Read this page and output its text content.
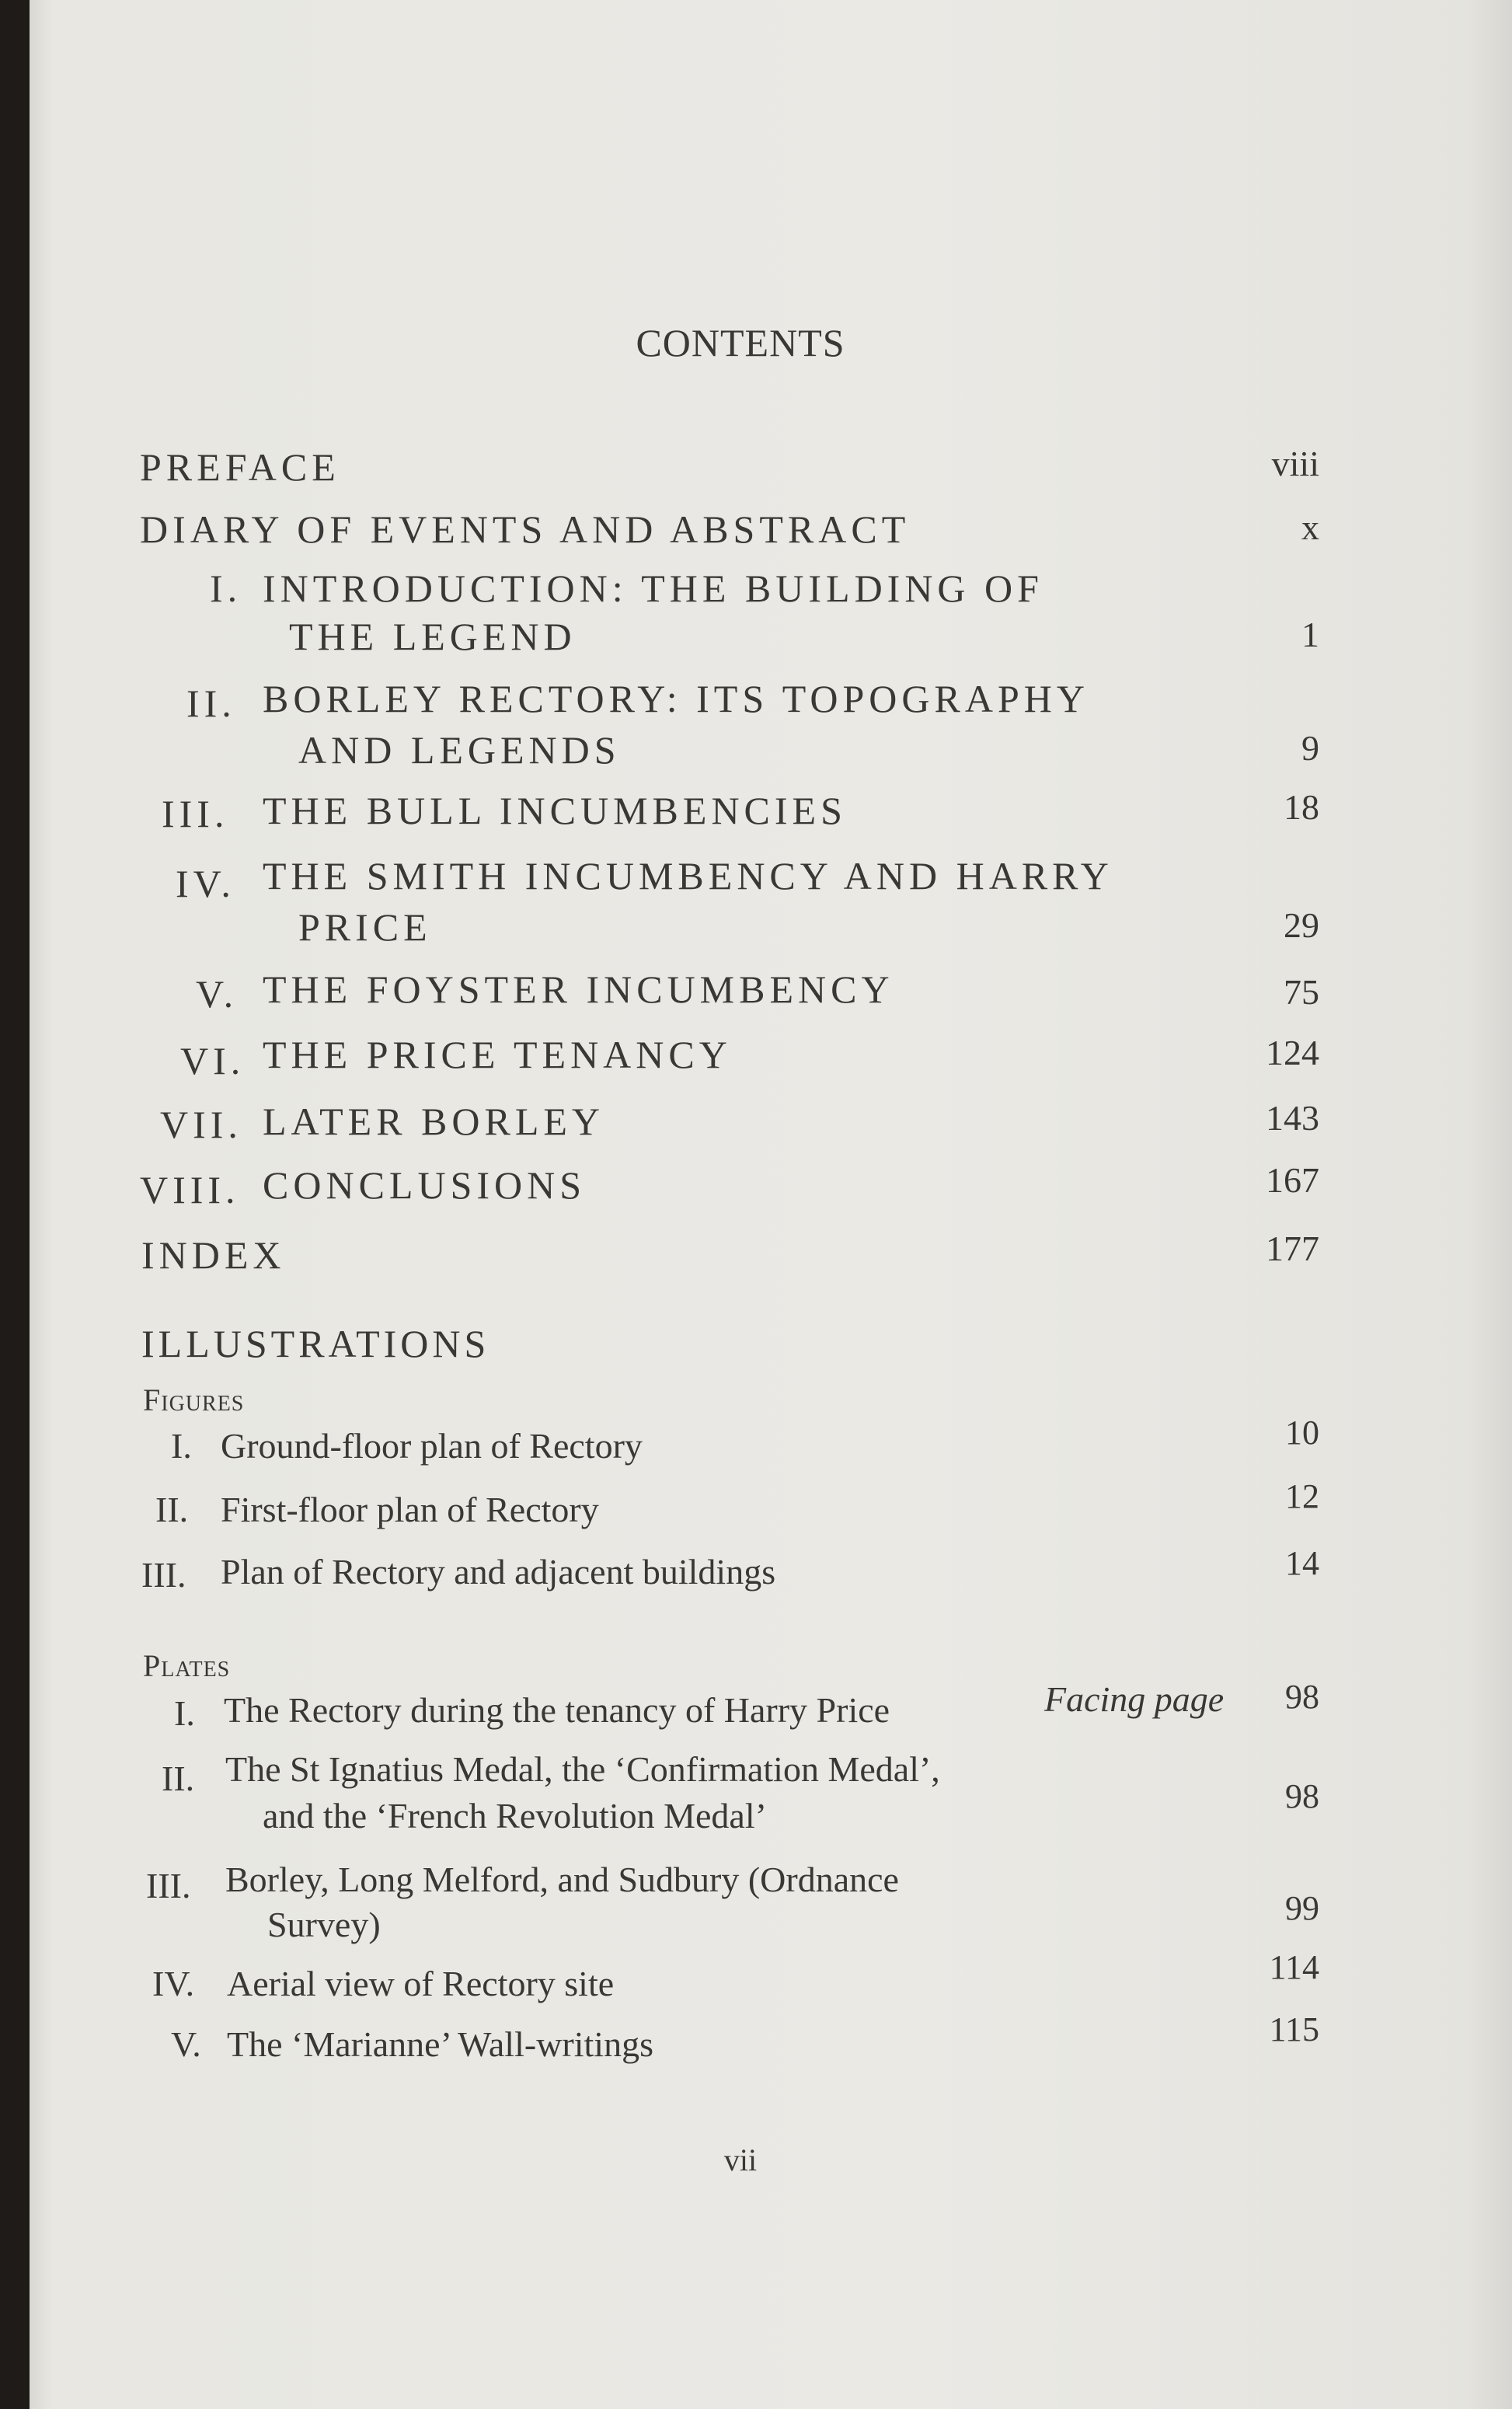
CONTENTS
PREFACE	viii
DIARY OF EVENTS AND ABSTRACT	x
I. INTRODUCTION: THE BUILDING OF
THE LEGEND	1
II. BORLEY RECTORY: ITS TOPOGRAPHY
AND LEGENDS	9
III. THE BULL INCUMBENCIES	18
IV. THE SMITH INCUMBENCY AND HARRY
PRICE	29
V. THE FOYSTER INCUMBENCY	75
VI. THE PRICE TENANCY	124
VII. LATER BORLEY	143
VIII. CONCLUSIONS	167
INDEX	177
ILLUSTRATIONS
Figures
I. Ground-floor plan of Rectory	10
II. First-floor plan of Rectory	12
III. Plan of Rectory and adjacent buildings	14
Plates
I. The Rectory during the tenancy of Harry Price	Facing page	98
II. The St Ignatius Medal, the ‘Confirmation Medal’,
and the ‘French Revolution Medal’	98
III. Borley, Long Melford, and Sudbury (Ordnance
Survey)	99
IV. Aerial view of Rectory site	114
V. The ‘Marianne’ Wall-writings	115
vii
